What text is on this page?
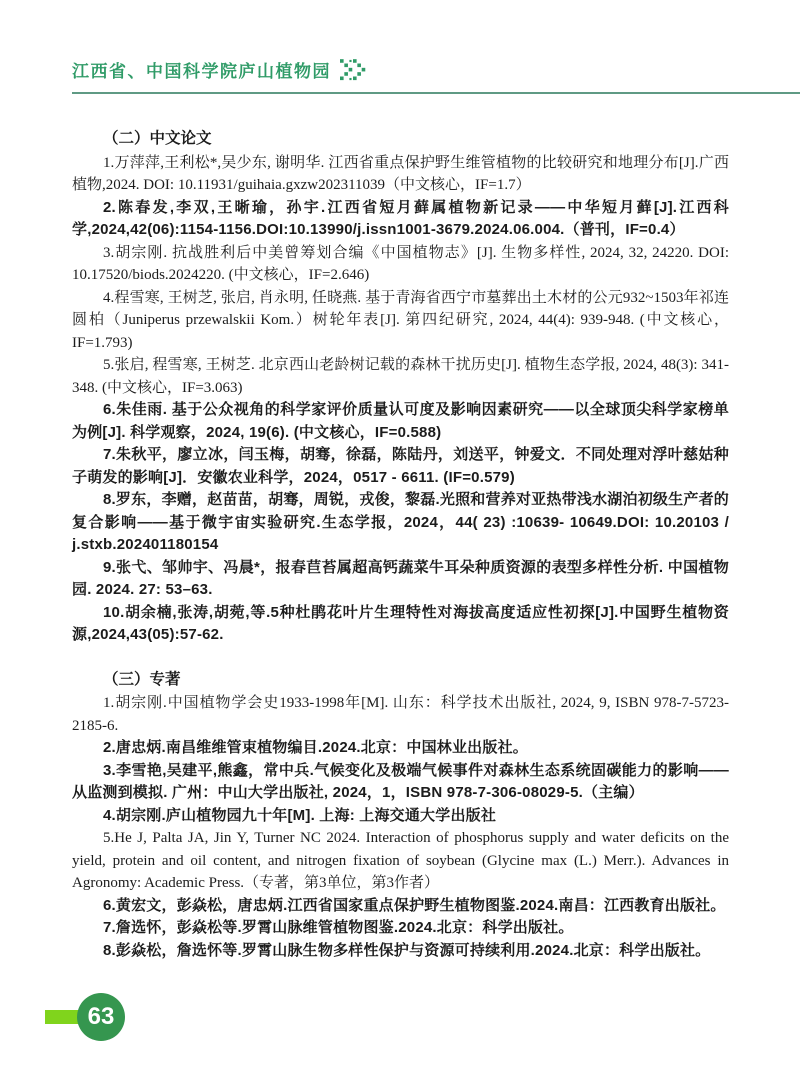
江西省、中国科学院庐山植物园

（二）中文论文

1.万萍萍,王利松*,吴少东, 谢明华. 江西省重点保护野生维管植物的比较研究和地理分布[J].广西植物,2024. DOI: 10.11931/guihaia.gxzw202311039（中文核心，IF=1.7）

2.陈春发,李双,王晰瑜，孙宇.江西省短月藓属植物新记录——中华短月藓[J].江西科学,2024,42(06):1154-1156.DOI:10.13990/j.issn1001-3679.2024.06.004.（普刊，IF=0.4）

3.胡宗刚. 抗战胜利后中美曾筹划合编《中国植物志》[J]. 生物多样性, 2024, 32, 24220. DOI: 10.17520/biods.2024220. (中文核心，IF=2.646)

4.程雪寒, 王树芝, 张启, 肖永明, 任晓燕. 基于青海省西宁市墓葬出土木材的公元932~1503年祁连圆柏（Juniperus przewalskii Kom.）树轮年表[J]. 第四纪研究, 2024, 44(4): 939-948. (中文核心，IF=1.793)

5.张启, 程雪寒, 王树芝. 北京西山老龄树记载的森林干扰历史[J]. 植物生态学报, 2024, 48(3): 341-348. (中文核心，IF=3.063)

6.朱佳雨. 基于公众视角的科学家评价质量认可度及影响因素研究——以全球顶尖科学家榜单为例[J]. 科学观察，2024, 19(6). (中文核心，IF=0.588)

7.朱秋平，廖立冰，闫玉梅，胡骞，徐磊，陈陆丹，刘送平，钟爱文．不同处理对浮叶慈姑种子萌发的影响[J]．安徽农业科学，2024，0517 - 6611. (IF=0.579)

8.罗东，李赠，赵苗苗，胡骞，周锐，戎俊，黎磊.光照和营养对亚热带浅水湖泊初级生产者的复合影响——基于微宇宙实验研究.生态学报，2024，44( 23) :10639- 10649.DOI: 10.20103 / j.stxb.202401180154

9.张弋、邹帅宇、冯晨*，报春苣苔属超高钙蔬菜牛耳朵种质资源的表型多样性分析. 中国植物园. 2024. 27: 53–63.

10.胡余楠,张涛,胡菀,等.5种杜鹃花叶片生理特性对海拔高度适应性初探[J].中国野生植物资源,2024,43(05):57-62.

（三）专著

1.胡宗刚.中国植物学会史1933-1998年[M]. 山东：科学技术出版社, 2024, 9, ISBN 978-7-5723-2185-6.

2.唐忠炳.南昌维维管束植物编目.2024.北京：中国林业出版社。

3.李雪艳,吴建平,熊鑫，常中兵.气候变化及极端气候事件对森林生态系统固碳能力的影响——从监测到模拟. 广州：中山大学出版社, 2024，1，ISBN 978-7-306-08029-5.（主编）

4.胡宗刚.庐山植物园九十年[M]. 上海: 上海交通大学出版社

5.He J, Palta JA, Jin Y, Turner NC 2024. Interaction of phosphorus supply and water deficits on the yield, protein and oil content, and nitrogen fixation of soybean (Glycine max (L.) Merr.). Advances in Agronomy: Academic Press.（专著，第3单位，第3作者）

6.黄宏文，彭焱松，唐忠炳.江西省国家重点保护野生植物图鉴.2024.南昌：江西教育出版社。

7.詹选怀，彭焱松等.罗霄山脉维管植物图鉴.2024.北京：科学出版社。

8.彭焱松，詹选怀等.罗霄山脉生物多样性保护与资源可持续利用.2024.北京：科学出版社。

63
